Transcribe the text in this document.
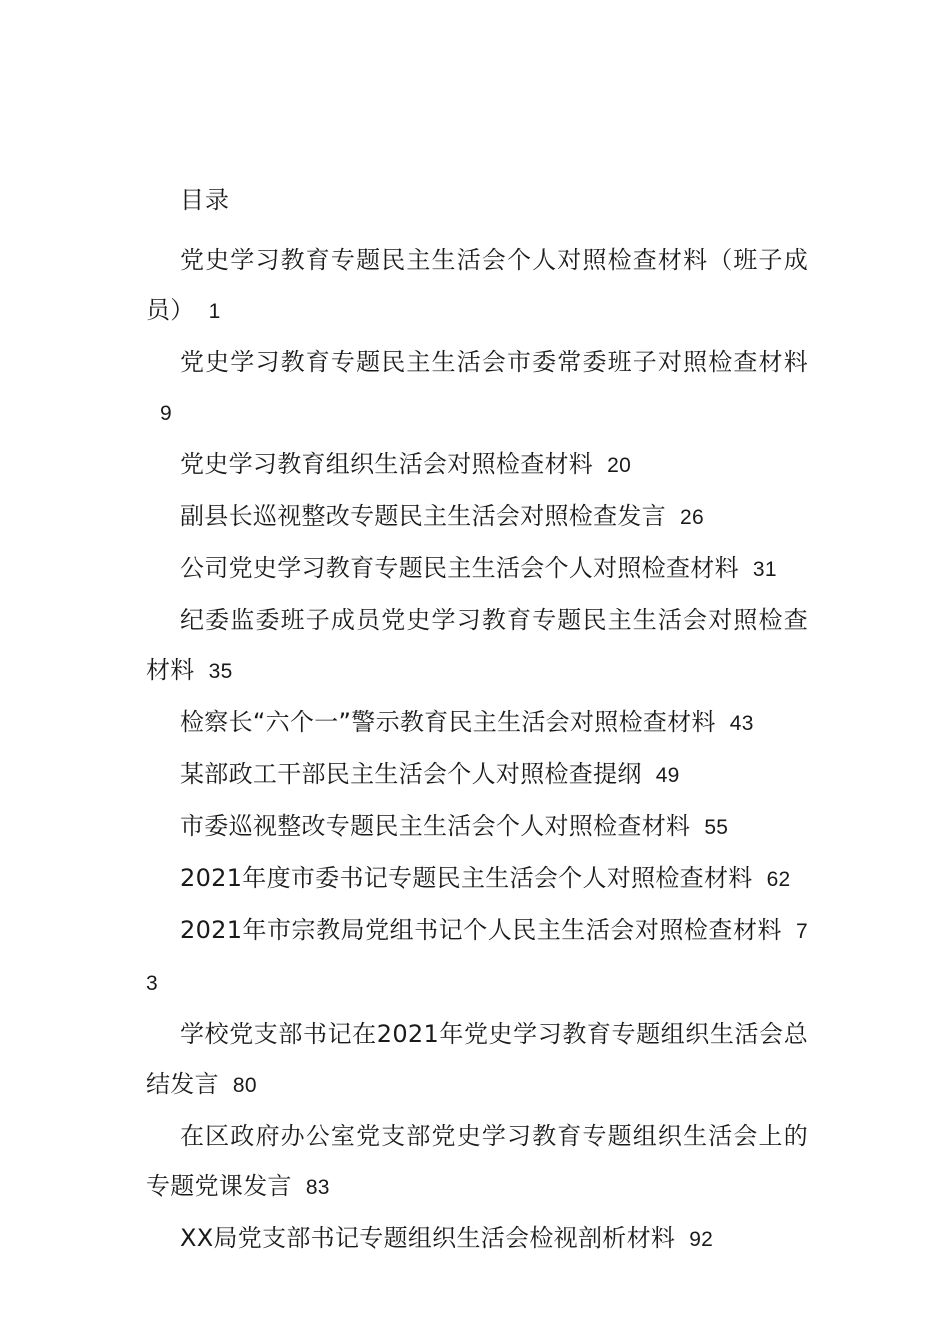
目录
党史学习教育专题民主生活会个人对照检查材料（班子成员） 1
党史学习教育专题民主生活会市委常委班子对照检查材料9
党史学习教育组织生活会对照检查材料 20
副县长巡视整改专题民主生活会对照检查发言 26
公司党史学习教育专题民主生活会个人对照检查材料 31
纪委监委班子成员党史学习教育专题民主生活会对照检查材料 35
检察长“六个一”警示教育民主生活会对照检查材料 43
某部政工干部民主生活会个人对照检查提纲 49
市委巡视整改专题民主生活会个人对照检查材料 55
2021年度市委书记专题民主生活会个人对照检查材料 62
2021年市宗教局党组书记个人民主生活会对照检查材料 73
学校党支部书记在2021年党史学习教育专题组织生活会总结发言 80
在区政府办公室党支部党史学习教育专题组织生活会上的专题党课发言 83
XX局党支部书记专题组织生活会检视剖析材料 92
